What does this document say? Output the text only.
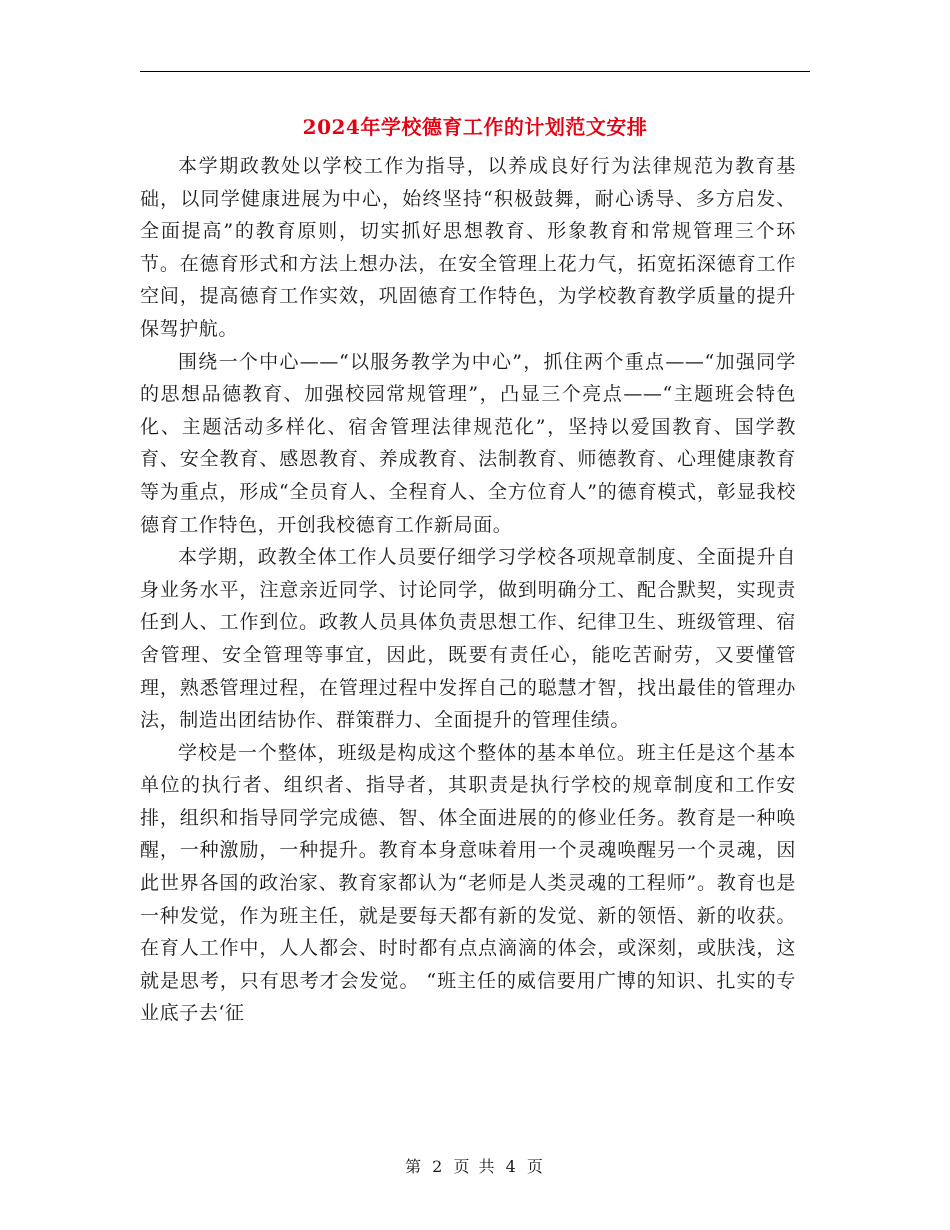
2024年学校德育工作的计划范文安排

本学期政教处以学校工作为指导，以养成良好行为法律规范为教育基础，以同学健康进展为中心，始终坚持“积极鼓舞，耐心诱导、多方启发、全面提高”的教育原则，切实抓好思想教育、形象教育和常规管理三个环节。在德育形式和方法上想办法，在安全管理上花力气，拓宽拓深德育工作空间，提高德育工作实效，巩固德育工作特色，为学校教育教学质量的提升保驾护航。

围绕一个中心——“以服务教学为中心”，抓住两个重点——“加强同学的思想品德教育、加强校园常规管理”，凸显三个亮点——“主题班会特色化、主题活动多样化、宿舍管理法律规范化”，坚持以爱国教育、国学教育、安全教育、感恩教育、养成教育、法制教育、师德教育、心理健康教育等为重点，形成“全员育人、全程育人、全方位育人”的德育模式，彰显我校德育工作特色，开创我校德育工作新局面。

本学期，政教全体工作人员要仔细学习学校各项规章制度、全面提升自身业务水平，注意亲近同学、讨论同学，做到明确分工、配合默契，实现责任到人、工作到位。政教人员具体负责思想工作、纪律卫生、班级管理、宿舍管理、安全管理等事宜，因此，既要有责任心，能吃苦耐劳，又要懂管理，熟悉管理过程，在管理过程中发挥自己的聪慧才智，找出最佳的管理办法，制造出团结协作、群策群力、全面提升的管理佳绩。

学校是一个整体，班级是构成这个整体的基本单位。班主任是这个基本单位的执行者、组织者、指导者，其职责是执行学校的规章制度和工作安排，组织和指导同学完成德、智、体全面进展的的修业任务。教育是一种唤醒，一种激励，一种提升。教育本身意味着用一个灵魂唤醒另一个灵魂，因此世界各国的政治家、教育家都认为“老师是人类灵魂的工程师”。教育也是一种发觉，作为班主任，就是要每天都有新的发觉、新的领悟、新的收获。在育人工作中，人人都会、时时都有点点滴滴的体会，或深刻，或肤浅，这就是思考，只有思考才会发觉。 “班主任的威信要用广博的知识、扎实的专业底子去‘征

第 2 页 共 4 页
